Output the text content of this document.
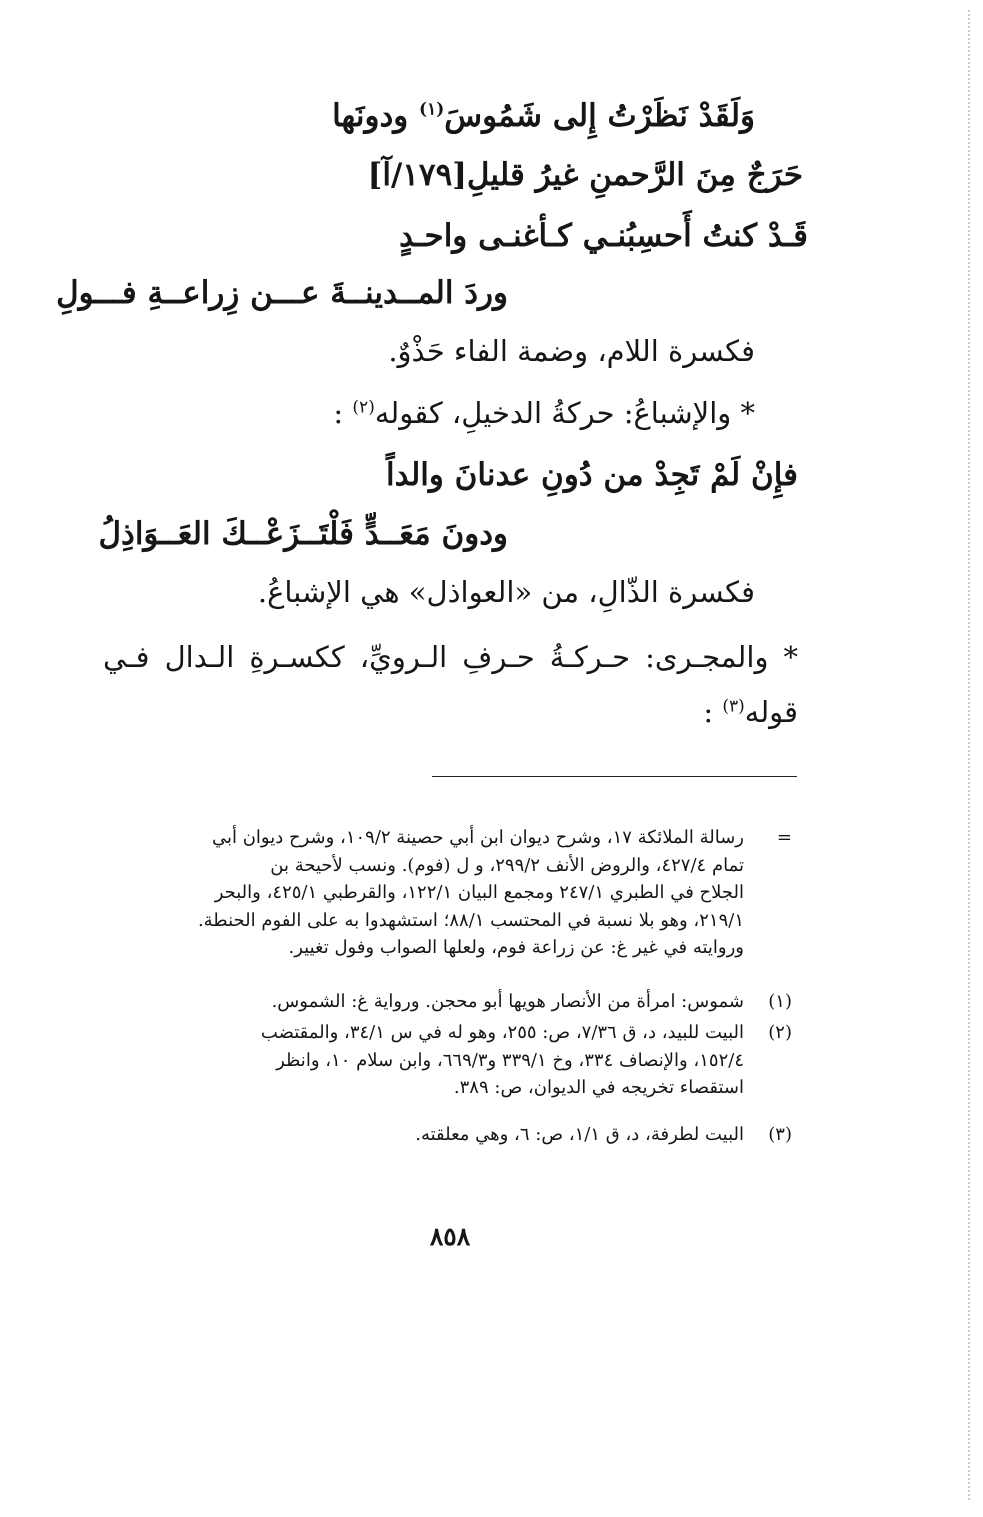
وَلَقَدْ نَظَرْتُ إِلى شَمُوسَ$^{(١)}$ ودونَها
حَرَجٌ مِنَ الرَّحمنِ غيرُ قليلِ[١٧٩/آ]
قَـدْ كنتُ أَحسِبُنـي كـأغنـى واحـدٍ
وردَ المــدينــةَ عـــن زِراعــةِ فـــولِ
فكسرة اللام، وضمة الفاء حَذْوٌ.
* والإشباعُ: حركةُ الدخيلِ، كقوله$^{(٢)}$ :
فإِنْ لَمْ تَجِدْ من دُونِ عدنانَ والداً
ودونَ مَعَــدٍّ فَلْتَــزَعْــكَ العَــوَاذِلُ
فكسرة الذّالِ، من «العواذل» هي الإشباعُ.
* والمجـرى: حـركـةُ حـرفِ الـرويِّ، ككسـرةِ الـدال فـي
قوله$^{(٣)}$ :
=
رسالة الملائكة ١٧، وشرح ديوان ابن أبي حصينة ١٠٩/٢، وشرح ديوان أبي
تمام ٤٢٧/٤، والروض الأنف ٢٩٩/٢، و ل (فوم). ونسب لأحيحة بن
الجلاح في الطبري ٢٤٧/١ ومجمع البيان ١٢٢/١، والقرطبي ٤٢٥/١، والبحر
٢١٩/١، وهو بلا نسبة في المحتسب ٨٨/١؛ استشهدوا به على الفوم الحنطة.
وروايته في غير غ: عن زراعة فوم، ولعلها الصواب وفول تغيير.
(١)
شموس: امرأة من الأنصار هويها أبو محجن. ورواية غ: الشموس.
(٢)
البيت للبيد، د، ق ٧/٣٦، ص: ٢٥٥، وهو له في س ٣٤/١، والمقتضب
١٥٢/٤، والإنصاف ٣٣٤، وخ ٣٣٩/١ و٦٦٩/٣، وابن سلام ١٠، وانظر
استقصاء تخريجه في الديوان، ص: ٣٨٩.
(٣)
البيت لطرفة، د، ق ١/١، ص: ٦، وهي معلقته.
٨٥٨
